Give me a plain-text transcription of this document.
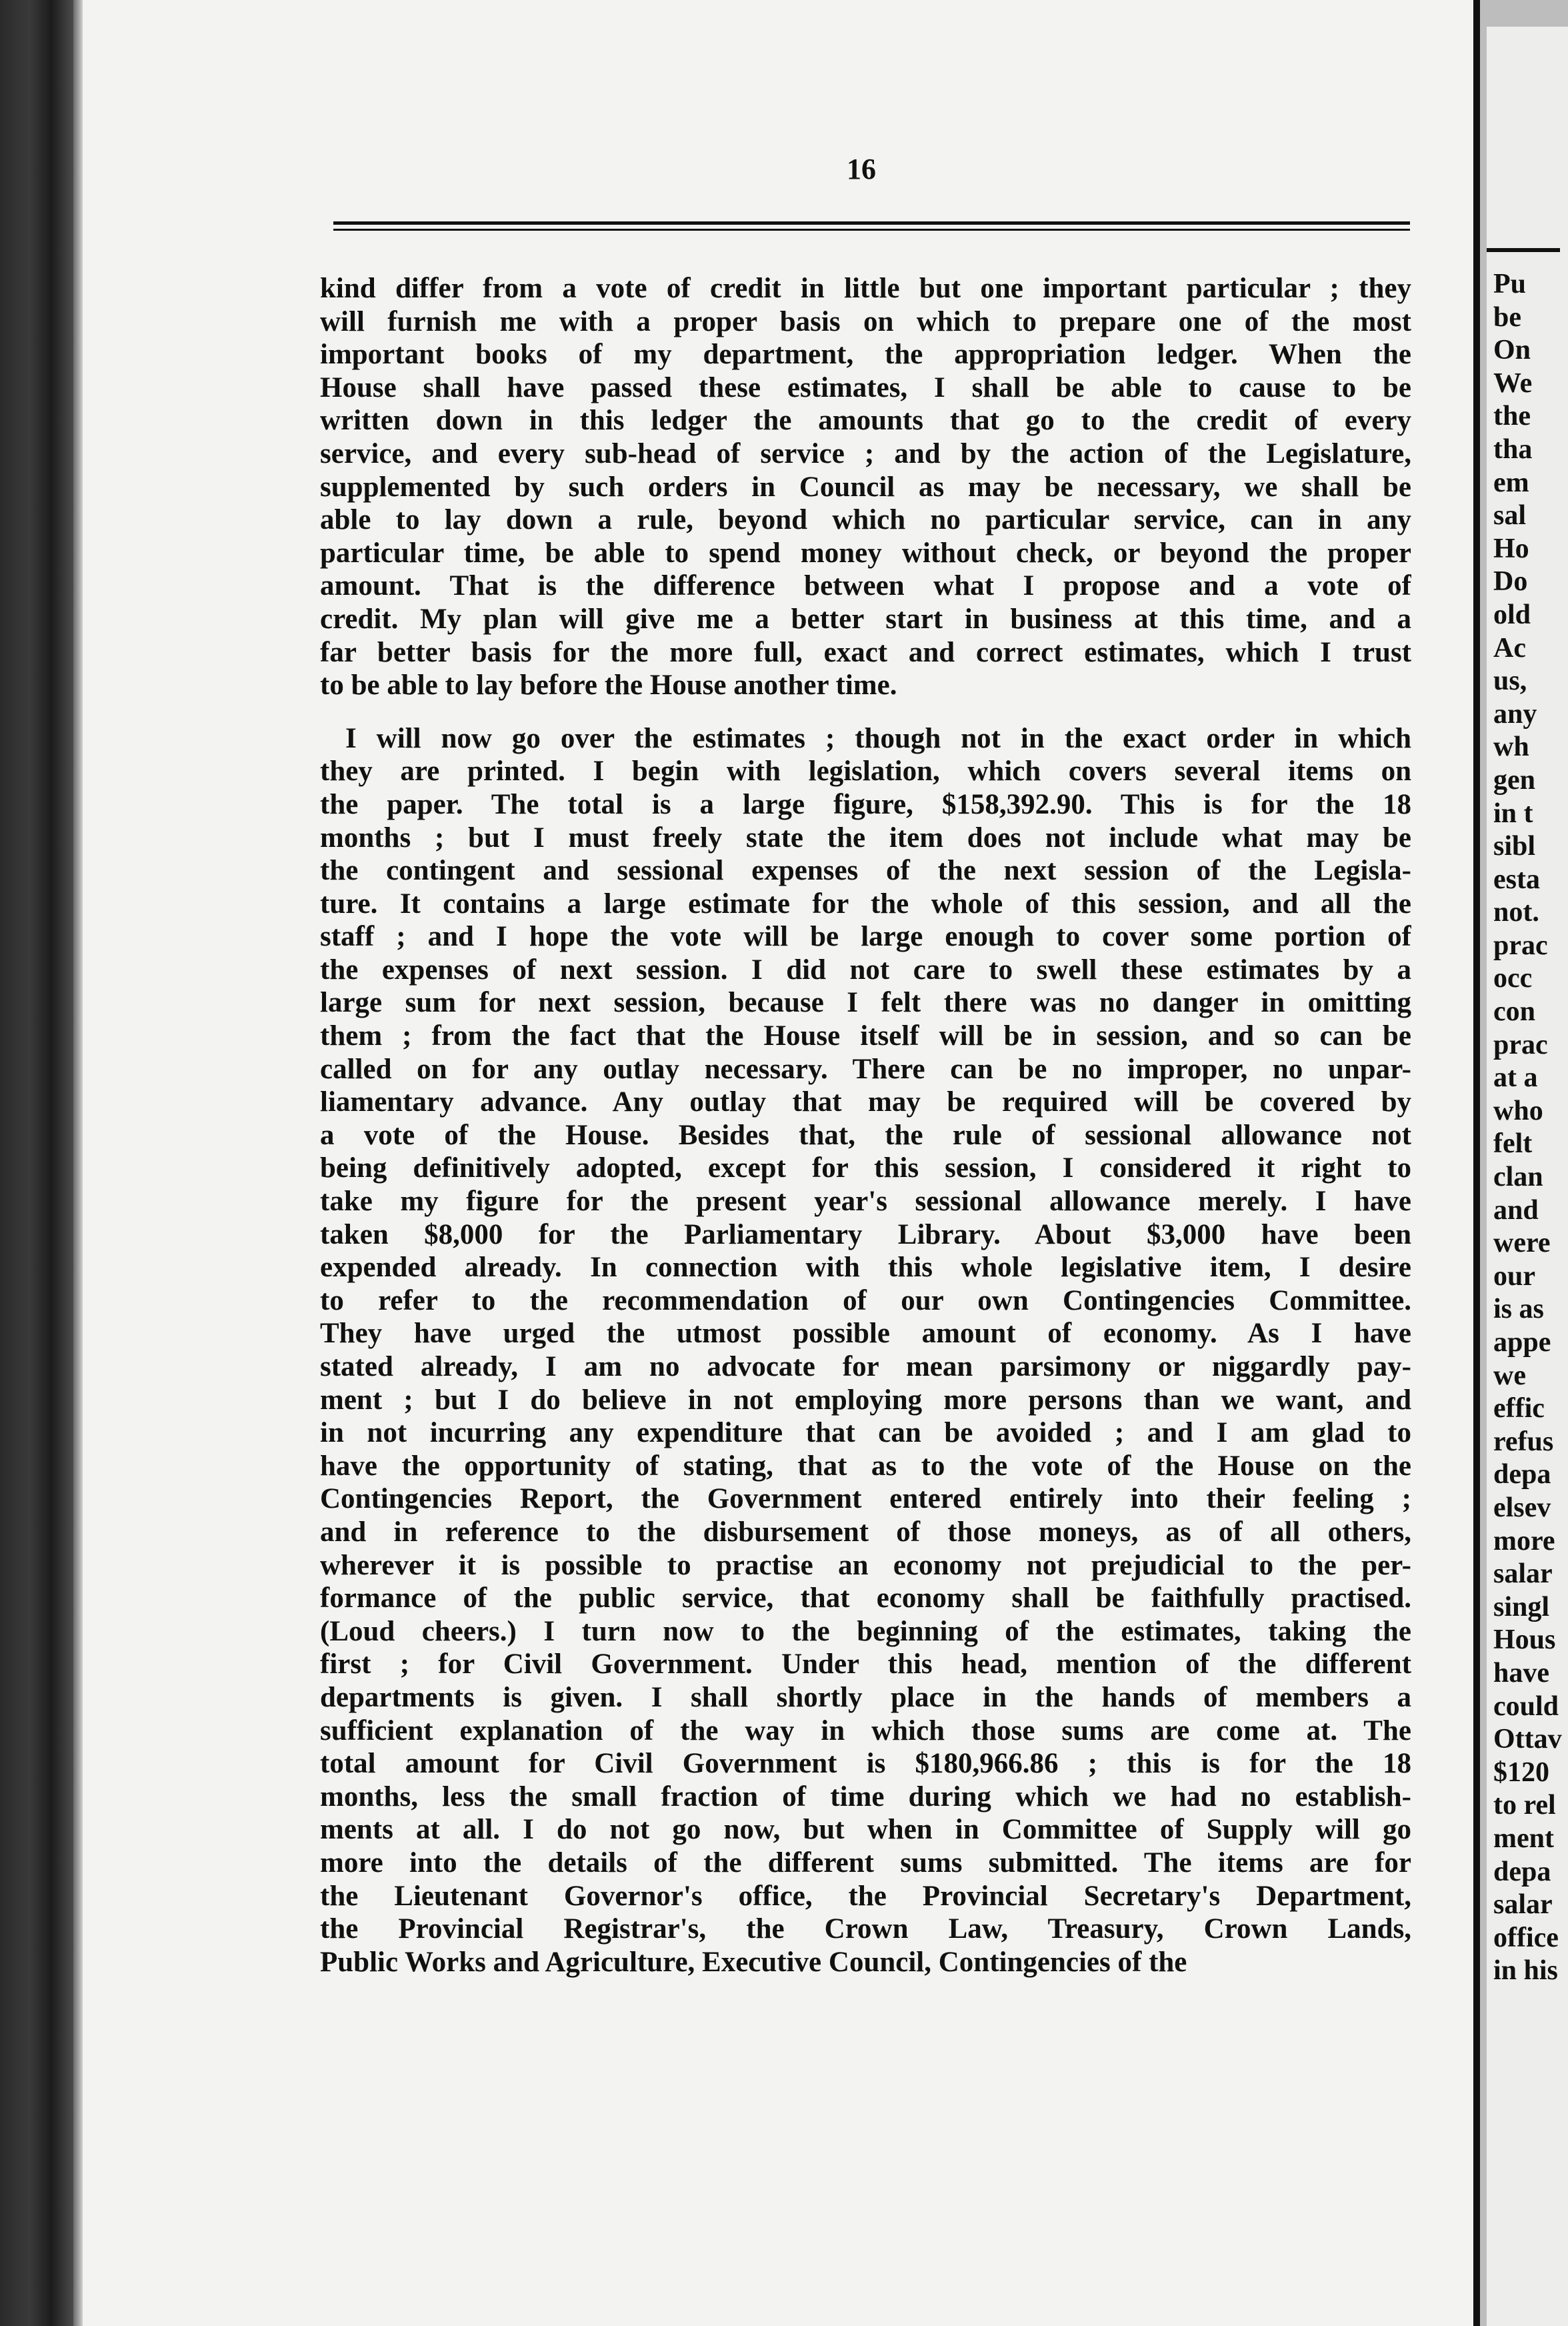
16
kind differ from a vote of credit in little but one important particular ; they
will furnish me with a proper basis on which to prepare one of the most
important books of my department, the appropriation ledger. When the
House shall have passed these estimates, I shall be able to cause to be
written down in this ledger the amounts that go to the credit of every
service, and every sub-head of service ; and by the action of the Legislature,
supplemented by such orders in Council as may be necessary, we shall be
able to lay down a rule, beyond which no particular service, can in any
particular time, be able to spend money without check, or beyond the proper
amount. That is the difference between what I propose and a vote of
credit. My plan will give me a better start in business at this time, and a
far better basis for the more full, exact and correct estimates, which I trust
to be able to lay before the House another time.
I will now go over the estimates ; though not in the exact order in which
they are printed. I begin with legislation, which covers several items on
the paper. The total is a large figure, $158,392.90. This is for the 18
months ; but I must freely state the item does not include what may be
the contingent and sessional expenses of the next session of the Legisla-
ture. It contains a large estimate for the whole of this session, and all the
staff ; and I hope the vote will be large enough to cover some portion of
the expenses of next session. I did not care to swell these estimates by a
large sum for next session, because I felt there was no danger in omitting
them ; from the fact that the House itself will be in session, and so can be
called on for any outlay necessary. There can be no improper, no unpar-
liamentary advance. Any outlay that may be required will be covered by
a vote of the House. Besides that, the rule of sessional allowance not
being definitively adopted, except for this session, I considered it right to
take my figure for the present year's sessional allowance merely. I have
taken $8,000 for the Parliamentary Library. About $3,000 have been
expended already. In connection with this whole legislative item, I desire
to refer to the recommendation of our own Contingencies Committee.
They have urged the utmost possible amount of economy. As I have
stated already, I am no advocate for mean parsimony or niggardly pay-
ment ; but I do believe in not employing more persons than we want, and
in not incurring any expenditure that can be avoided ; and I am glad to
have the opportunity of stating, that as to the vote of the House on the
Contingencies Report, the Government entered entirely into their feeling ;
and in reference to the disbursement of those moneys, as of all others,
wherever it is possible to practise an economy not prejudicial to the per-
formance of the public service, that economy shall be faithfully practised.
(Loud cheers.) I turn now to the beginning of the estimates, taking the
first ; for Civil Government. Under this head, mention of the different
departments is given. I shall shortly place in the hands of members a
sufficient explanation of the way in which those sums are come at. The
total amount for Civil Government is $180,966.86 ; this is for the 18
months, less the small fraction of time during which we had no establish-
ments at all. I do not go now, but when in Committee of Supply will go
more into the details of the different sums submitted. The items are for
the Lieutenant Governor's office, the Provincial Secretary's Department,
the Provincial Registrar's, the Crown Law, Treasury, Crown Lands,
Public Works and Agriculture, Executive Council, Contingencies of the
Pu
be
On
We
the
tha
em
sal
Ho
Do
old
Ac
us,
any
wh
gen
in t
sibl
esta
not.
prac
occ
con
prac
at a
who
felt
clan
and
were
our
is as
appe
we
effic
refus
depa
elsev
more
salar
singl
Hous
have
could
Ottav
$120
to rel
ment
depa
salar
office
in his
